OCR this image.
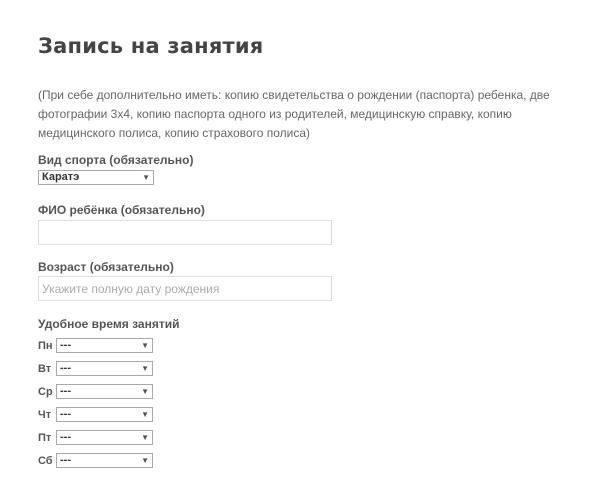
Запись на занятия

(При себе дополнительно иметь: копию свидетельства о рождении (паспорта) ребенка, две фотографии 3х4, копию паспорта одного из родителей, медицинскую справку, копию медицинского полиса, копию страхового полиса)

Вид спорта (обязательно)
Каратэ	▼
ФИО ребёнка (обязательно)
Возраст (обязательно)
Укажите полную дату рождения
Удобное время занятий
Пн ---	▼
Вт ---	▼
Ср ---	▼
Чт ---	▼
Пт ---	▼
Сб ---	▼
